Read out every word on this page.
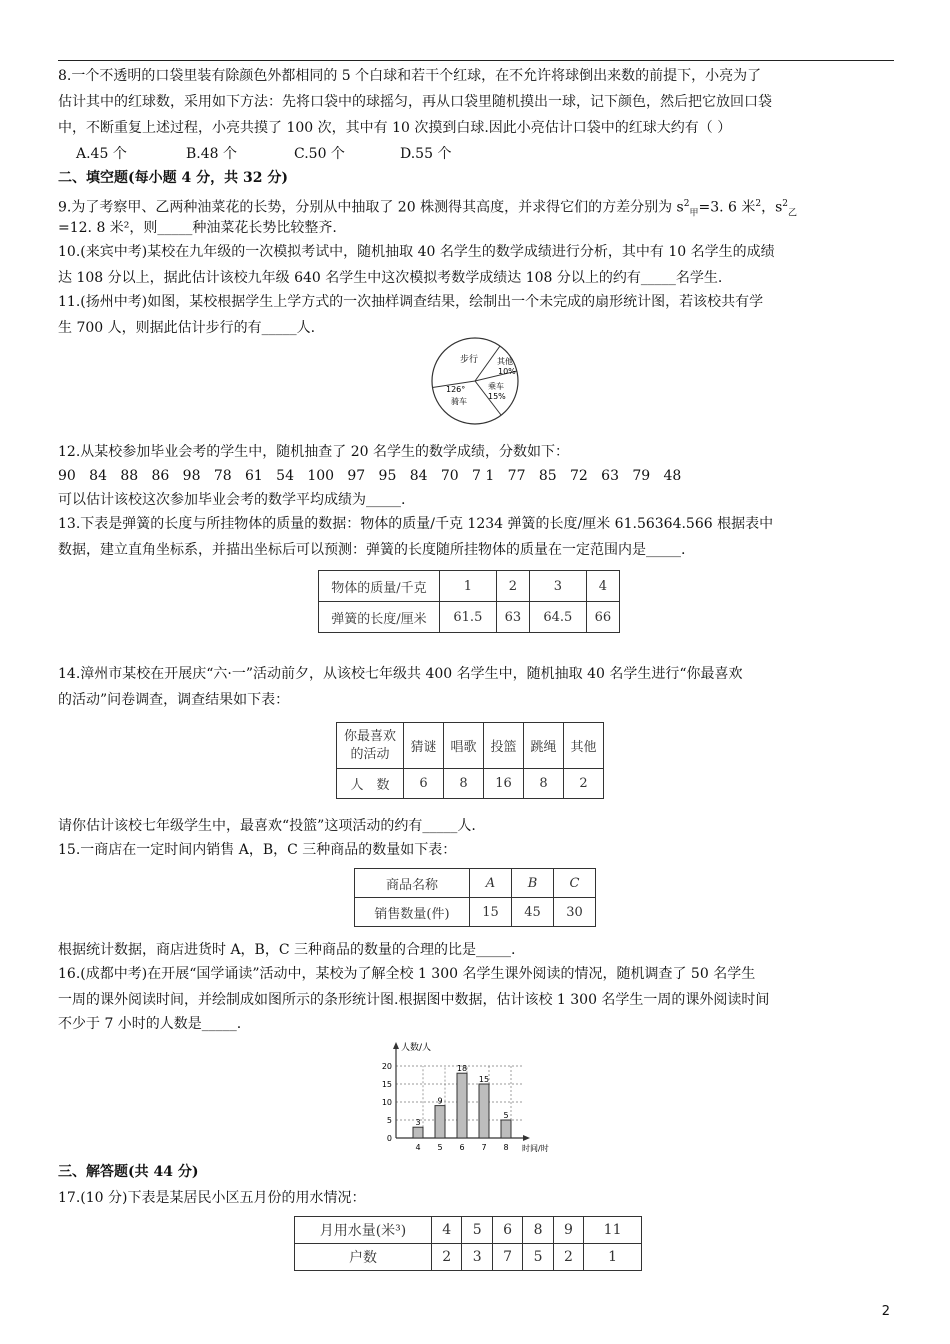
8.一个不透明的口袋里装有除颜色外都相同的 5 个白球和若干个红球，在不允许将球倒出来数的前提下，小亮为了
估计其中的红球数，采用如下方法：先将口袋中的球摇匀，再从口袋里随机摸出一球，记下颜色，然后把它放回口袋
中，不断重复上述过程，小亮共摸了 100 次，其中有 10 次摸到白球.因此小亮估计口袋中的红球大约有（ ）
A.45 个	B.48 个	C.50 个	D.55 个
二、填空题(每小题 4 分，共 32 分)
9.为了考察甲、乙两种油菜花的长势，分别从中抽取了 20 株测得其高度，并求得它们的方差分别为 $s^2_甲=3$. 6 米$^2$，$s^2_乙$
=12. 8 米²，则_____种油菜花长势比较整齐.
10.(来宾中考)某校在九年级的一次模拟考试中，随机抽取 40 名学生的数学成绩进行分析，其中有 10 名学生的成绩
达 108 分以上，据此估计该校九年级 640 名学生中这次模拟考数学成绩达 108 分以上的约有_____名学生.
11.(扬州中考)如图，某校根据学生上学方式的一次抽样调查结果，绘制出一个未完成的扇形统计图，若该校共有学
生 700 人，则据此估计步行的有_____人.
步行 其他
10%
乘车
15%
126°
骑车
12.从某校参加毕业会考的学生中，随机抽查了 20 名学生的数学成绩，分数如下：
90   84   88   86   98   78   61   54   100   97   95   84   70   7 1   77   85   72   63   79   48
可以估计该校这次参加毕业会考的数学平均成绩为_____.
13.下表是弹簧的长度与所挂物体的质量的数据：物体的质量/千克 1234 弹簧的长度/厘米 61.56364.566 根据表中
数据，建立直角坐标系，并描出坐标后可以预测：弹簧的长度随所挂物体的质量在一定范围内是_____.
物体的质量/千克	1	2	3	4
弹簧的长度/厘米	61.5	63	64.5	66
14.漳州市某校在开展庆“六·一”活动前夕，从该校七年级共 400 名学生中，随机抽取 40 名学生进行“你最喜欢
的活动”问卷调查，调查结果如下表：
你最喜欢
的活动	猜谜	唱歌	投篮	跳绳	其他
人　数	6	8	16	8	2
请你估计该校七年级学生中，最喜欢“投篮”这项活动的约有_____人.
15.一商店在一定时间内销售 A，B，C 三种商品的数量如下表：
商品名称	A	B	C
销售数量(件)	15	45	30
根据统计数据，商店进货时 A，B，C 三种商品的数量的合理的比是_____.
16.(成都中考)在开展“国学诵读”活动中，某校为了解全校 1 300 名学生课外阅读的情况，随机调查了 50 名学生
一周的课外阅读时间，并绘制成如图所示的条形统计图.根据图中数据，估计该校 1 300 名学生一周的课外阅读时间
不少于 7 小时的人数是_____.
人数/人
时间/时
0
5
10
15
20
4 5 6 7 8
3
9
18
15
5
三、解答题(共 44 分)
17.(10 分)下表是某居民小区五月份的用水情况：
月用水量(米³)	4	5	6	8	9	11
户数	2	3	7	5	2	1
2
